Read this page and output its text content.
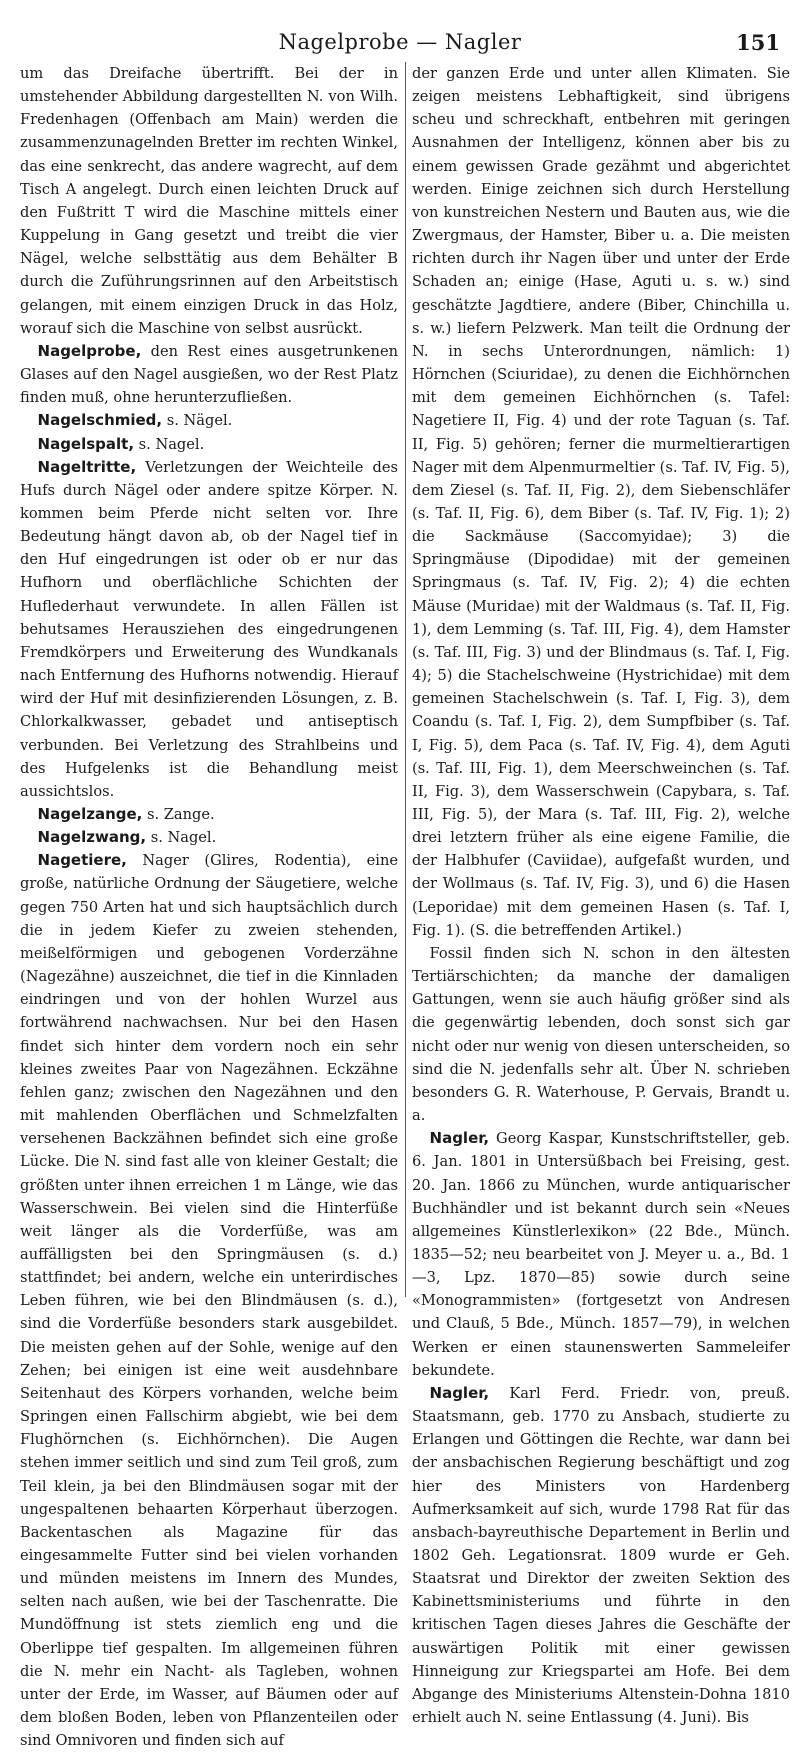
Nagelprobe — Nagler	151

um das Dreifache übertrifft. Bei der in umstehender Abbildung dargestellten N. von Wilh. Fredenhagen (Offenbach am Main) werden die zusammenzunagelnden Bretter im rechten Winkel, das eine senkrecht, das andere wagrecht, auf dem Tisch A angelegt. Durch einen leichten Druck auf den Fußtritt T wird die Maschine mittels einer Kuppelung in Gang gesetzt und treibt die vier Nägel, welche selbsttätig aus dem Behälter B durch die Zuführungsrinnen auf den Arbeitstisch gelangen, mit einem einzigen Druck in das Holz, worauf sich die Maschine von selbst ausrückt.

Nagelprobe, den Rest eines ausgetrunkenen Glases auf den Nagel ausgießen, wo der Rest Platz finden muß, ohne herunterzufließen.

Nagelschmied, s. Nägel.

Nagelspalt, s. Nagel.

Nageltritte, Verletzungen der Weichteile des Hufs durch Nägel oder andere spitze Körper. N. kommen beim Pferde nicht selten vor. Ihre Bedeutung hängt davon ab, ob der Nagel tief in den Huf eingedrungen ist oder ob er nur das Hufhorn und oberflächliche Schichten der Huflederhaut verwundete. In allen Fällen ist behutsames Herausziehen des eingedrungenen Fremdkörpers und Erweiterung des Wundkanals nach Entfernung des Hufhorns notwendig. Hierauf wird der Huf mit desinfizierenden Lösungen, z. B. Chlorkalkwasser, gebadet und antiseptisch verbunden. Bei Verletzung des Strahlbeins und des Hufgelenks ist die Behandlung meist aussichtslos.

Nagelzange, s. Zange.

Nagelzwang, s. Nagel.

Nagetiere, Nager (Glires, Rodentia), eine große, natürliche Ordnung der Säugetiere, welche gegen 750 Arten hat und sich hauptsächlich durch die in jedem Kiefer zu zweien stehenden, meißelförmigen und gebogenen Vorderzähne (Nagezähne) auszeichnet, die tief in die Kinnladen eindringen und von der hohlen Wurzel aus fortwährend nachwachsen. Nur bei den Hasen findet sich hinter dem vordern noch ein sehr kleines zweites Paar von Nagezähnen. Eckzähne fehlen ganz; zwischen den Nagezähnen und den mit mahlenden Oberflächen und Schmelzfalten versehenen Backzähnen befindet sich eine große Lücke. Die N. sind fast alle von kleiner Gestalt; die größten unter ihnen erreichen 1 m Länge, wie das Wasserschwein. Bei vielen sind die Hinterfüße weit länger als die Vorderfüße, was am auffälligsten bei den Springmäusen (s. d.) stattfindet; bei andern, welche ein unterirdisches Leben führen, wie bei den Blindmäusen (s. d.), sind die Vorderfüße besonders stark ausgebildet. Die meisten gehen auf der Sohle, wenige auf den Zehen; bei einigen ist eine weit ausdehnbare Seitenhaut des Körpers vorhanden, welche beim Springen einen Fallschirm abgiebt, wie bei dem Flughörnchen (s. Eichhörnchen). Die Augen stehen immer seitlich und sind zum Teil groß, zum Teil klein, ja bei den Blindmäusen sogar mit der ungespaltenen behaarten Körperhaut überzogen. Backentaschen als Magazine für das eingesammelte Futter sind bei vielen vorhanden und münden meistens im Innern des Mundes, selten nach außen, wie bei der Taschenratte. Die Mundöffnung ist stets ziemlich eng und die Oberlippe tief gespalten. Im allgemeinen führen die N. mehr ein Nacht- als Tagleben, wohnen unter der Erde, im Wasser, auf Bäumen oder auf dem bloßen Boden, leben von Pflanzenteilen oder sind Omnivoren und finden sich auf

der ganzen Erde und unter allen Klimaten. Sie zeigen meistens Lebhaftigkeit, sind übrigens scheu und schreckhaft, entbehren mit geringen Ausnahmen der Intelligenz, können aber bis zu einem gewissen Grade gezähmt und abgerichtet werden. Einige zeichnen sich durch Herstellung von kunstreichen Nestern und Bauten aus, wie die Zwergmaus, der Hamster, Biber u. a. Die meisten richten durch ihr Nagen über und unter der Erde Schaden an; einige (Hase, Aguti u. s. w.) sind geschätzte Jagdtiere, andere (Biber, Chinchilla u. s. w.) liefern Pelzwerk. Man teilt die Ordnung der N. in sechs Unterordnungen, nämlich: 1) Hörnchen (Sciuridae), zu denen die Eichhörnchen mit dem gemeinen Eichhörnchen (s. Tafel: Nagetiere II, Fig. 4) und der rote Taguan (s. Taf. II, Fig. 5) gehören; ferner die murmeltierartigen Nager mit dem Alpenmurmeltier (s. Taf. IV, Fig. 5), dem Ziesel (s. Taf. II, Fig. 2), dem Siebenschläfer (s. Taf. II, Fig. 6), dem Biber (s. Taf. IV, Fig. 1); 2) die Sackmäuse (Saccomyidae); 3) die Springmäuse (Dipodidae) mit der gemeinen Springmaus (s. Taf. IV, Fig. 2); 4) die echten Mäuse (Muridae) mit der Waldmaus (s. Taf. II, Fig. 1), dem Lemming (s. Taf. III, Fig. 4), dem Hamster (s. Taf. III, Fig. 3) und der Blindmaus (s. Taf. I, Fig. 4); 5) die Stachelschweine (Hystrichidae) mit dem gemeinen Stachelschwein (s. Taf. I, Fig. 3), dem Coandu (s. Taf. I, Fig. 2), dem Sumpfbiber (s. Taf. I, Fig. 5), dem Paca (s. Taf. IV, Fig. 4), dem Aguti (s. Taf. III, Fig. 1), dem Meerschweinchen (s. Taf. II, Fig. 3), dem Wasserschwein (Capybara, s. Taf. III, Fig. 5), der Mara (s. Taf. III, Fig. 2), welche drei letztern früher als eine eigene Familie, die der Halbhufer (Caviidae), aufgefaßt wurden, und der Wollmaus (s. Taf. IV, Fig. 3), und 6) die Hasen (Leporidae) mit dem gemeinen Hasen (s. Taf. I, Fig. 1). (S. die betreffenden Artikel.)

Fossil finden sich N. schon in den ältesten Tertiärschichten; da manche der damaligen Gattungen, wenn sie auch häufig größer sind als die gegenwärtig lebenden, doch sonst sich gar nicht oder nur wenig von diesen unterscheiden, so sind die N. jedenfalls sehr alt. Über N. schrieben besonders G. R. Waterhouse, P. Gervais, Brandt u. a.

Nagler, Georg Kaspar, Kunstschriftsteller, geb. 6. Jan. 1801 in Untersüßbach bei Freising, gest. 20. Jan. 1866 zu München, wurde antiquarischer Buchhändler und ist bekannt durch sein «Neues allgemeines Künstlerlexikon» (22 Bde., Münch. 1835—52; neu bearbeitet von J. Meyer u. a., Bd. 1—3, Lpz. 1870—85) sowie durch seine «Monogrammisten» (fortgesetzt von Andresen und Clauß, 5 Bde., Münch. 1857—79), in welchen Werken er einen staunenswerten Sammeleifer bekundete.

Nagler, Karl Ferd. Friedr. von, preuß. Staatsmann, geb. 1770 zu Ansbach, studierte zu Erlangen und Göttingen die Rechte, war dann bei der ansbachischen Regierung beschäftigt und zog hier des Ministers von Hardenberg Aufmerksamkeit auf sich, wurde 1798 Rat für das ansbach-bayreuthische Departement in Berlin und 1802 Geh. Legationsrat. 1809 wurde er Geh. Staatsrat und Direktor der zweiten Sektion des Kabinettsministeriums und führte in den kritischen Tagen dieses Jahres die Geschäfte der auswärtigen Politik mit einer gewissen Hinneigung zur Kriegspartei am Hofe. Bei dem Abgange des Ministeriums Altenstein-Dohna 1810 erhielt auch N. seine Entlassung (4. Juni). Bis
